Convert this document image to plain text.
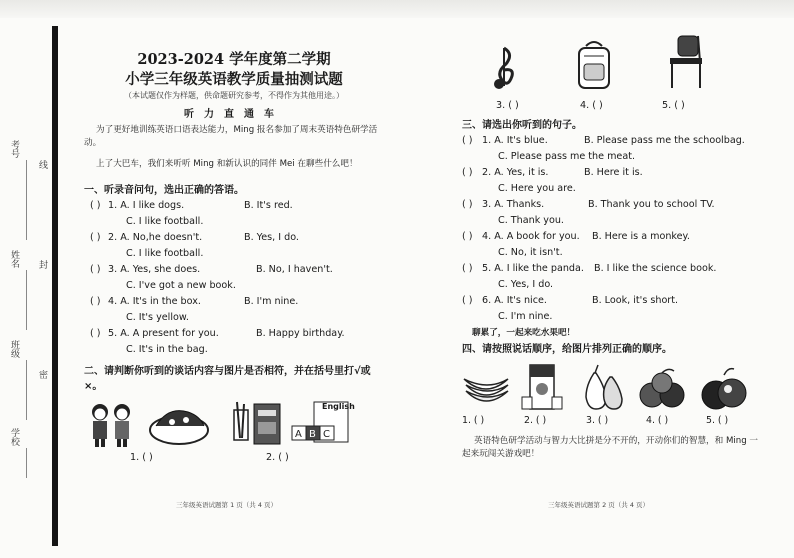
考号
姓名
班级
学校
线
封
密
2023-2024 学年度第二学期
小学三年级英语教学质量抽测试题
（本试题仅作为样题，供命题研究参考，不得作为其他用途。）
听力直通车
为了更好地训练英语口语表达能力，Ming 报名参加了周末英语特色研学活动。
上了大巴车，我们来听听 Ming 和新认识的同伴 Mei 在聊些什么吧！
一、听录音问句，选出正确的答语。
( ) 1. A. I like dogs.	B. It's red.
C. I like football.
( ) 2. A. No,he doesn't.	B. Yes, I do.
C. I like football.
( ) 3. A. Yes, she does.	B. No, I haven't.
C. I've got a new book.
( ) 4. A. It's in the box.	B. I'm nine.
C. It's yellow.
( ) 5. A. A present for you.	B. Happy birthday.
C. It's in the bag.
二、请判断你听到的谈话内容与图片是否相符，并在括号里打√或×。
A B C
English
1. ( )	2. ( )
三年级英语试题第 1 页（共 4 页）
3. ( )	4. ( )	5. ( )
三、请选出你听到的句子。
( ) 1. A. It's blue.	B. Please pass me the schoolbag.
C. Please pass me the meat.
( ) 2. A. Yes, it is.	B. Here it is.
C. Here you are.
( ) 3. A. Thanks.	B. Thank you to school TV.
C. Thank you.
( ) 4. A. A book for you. B. Here is a monkey.
C. No, it isn't.
( ) 5. A. I like the panda. B. I like the science book.
C. Yes, I do.
( ) 6. A. It's nice.	B. Look, it's short.
C. I'm nine.
聊累了，一起来吃水果吧！
四、请按照说话顺序，给图片排列正确的顺序。
1. ( )	2. ( )	3. ( )	4. ( )	5. ( )
英语特色研学活动与智力大比拼是分不开的，开动你们的智慧，和 Ming 一起来玩闯关游戏吧！
三年级英语试题第 2 页（共 4 页）
